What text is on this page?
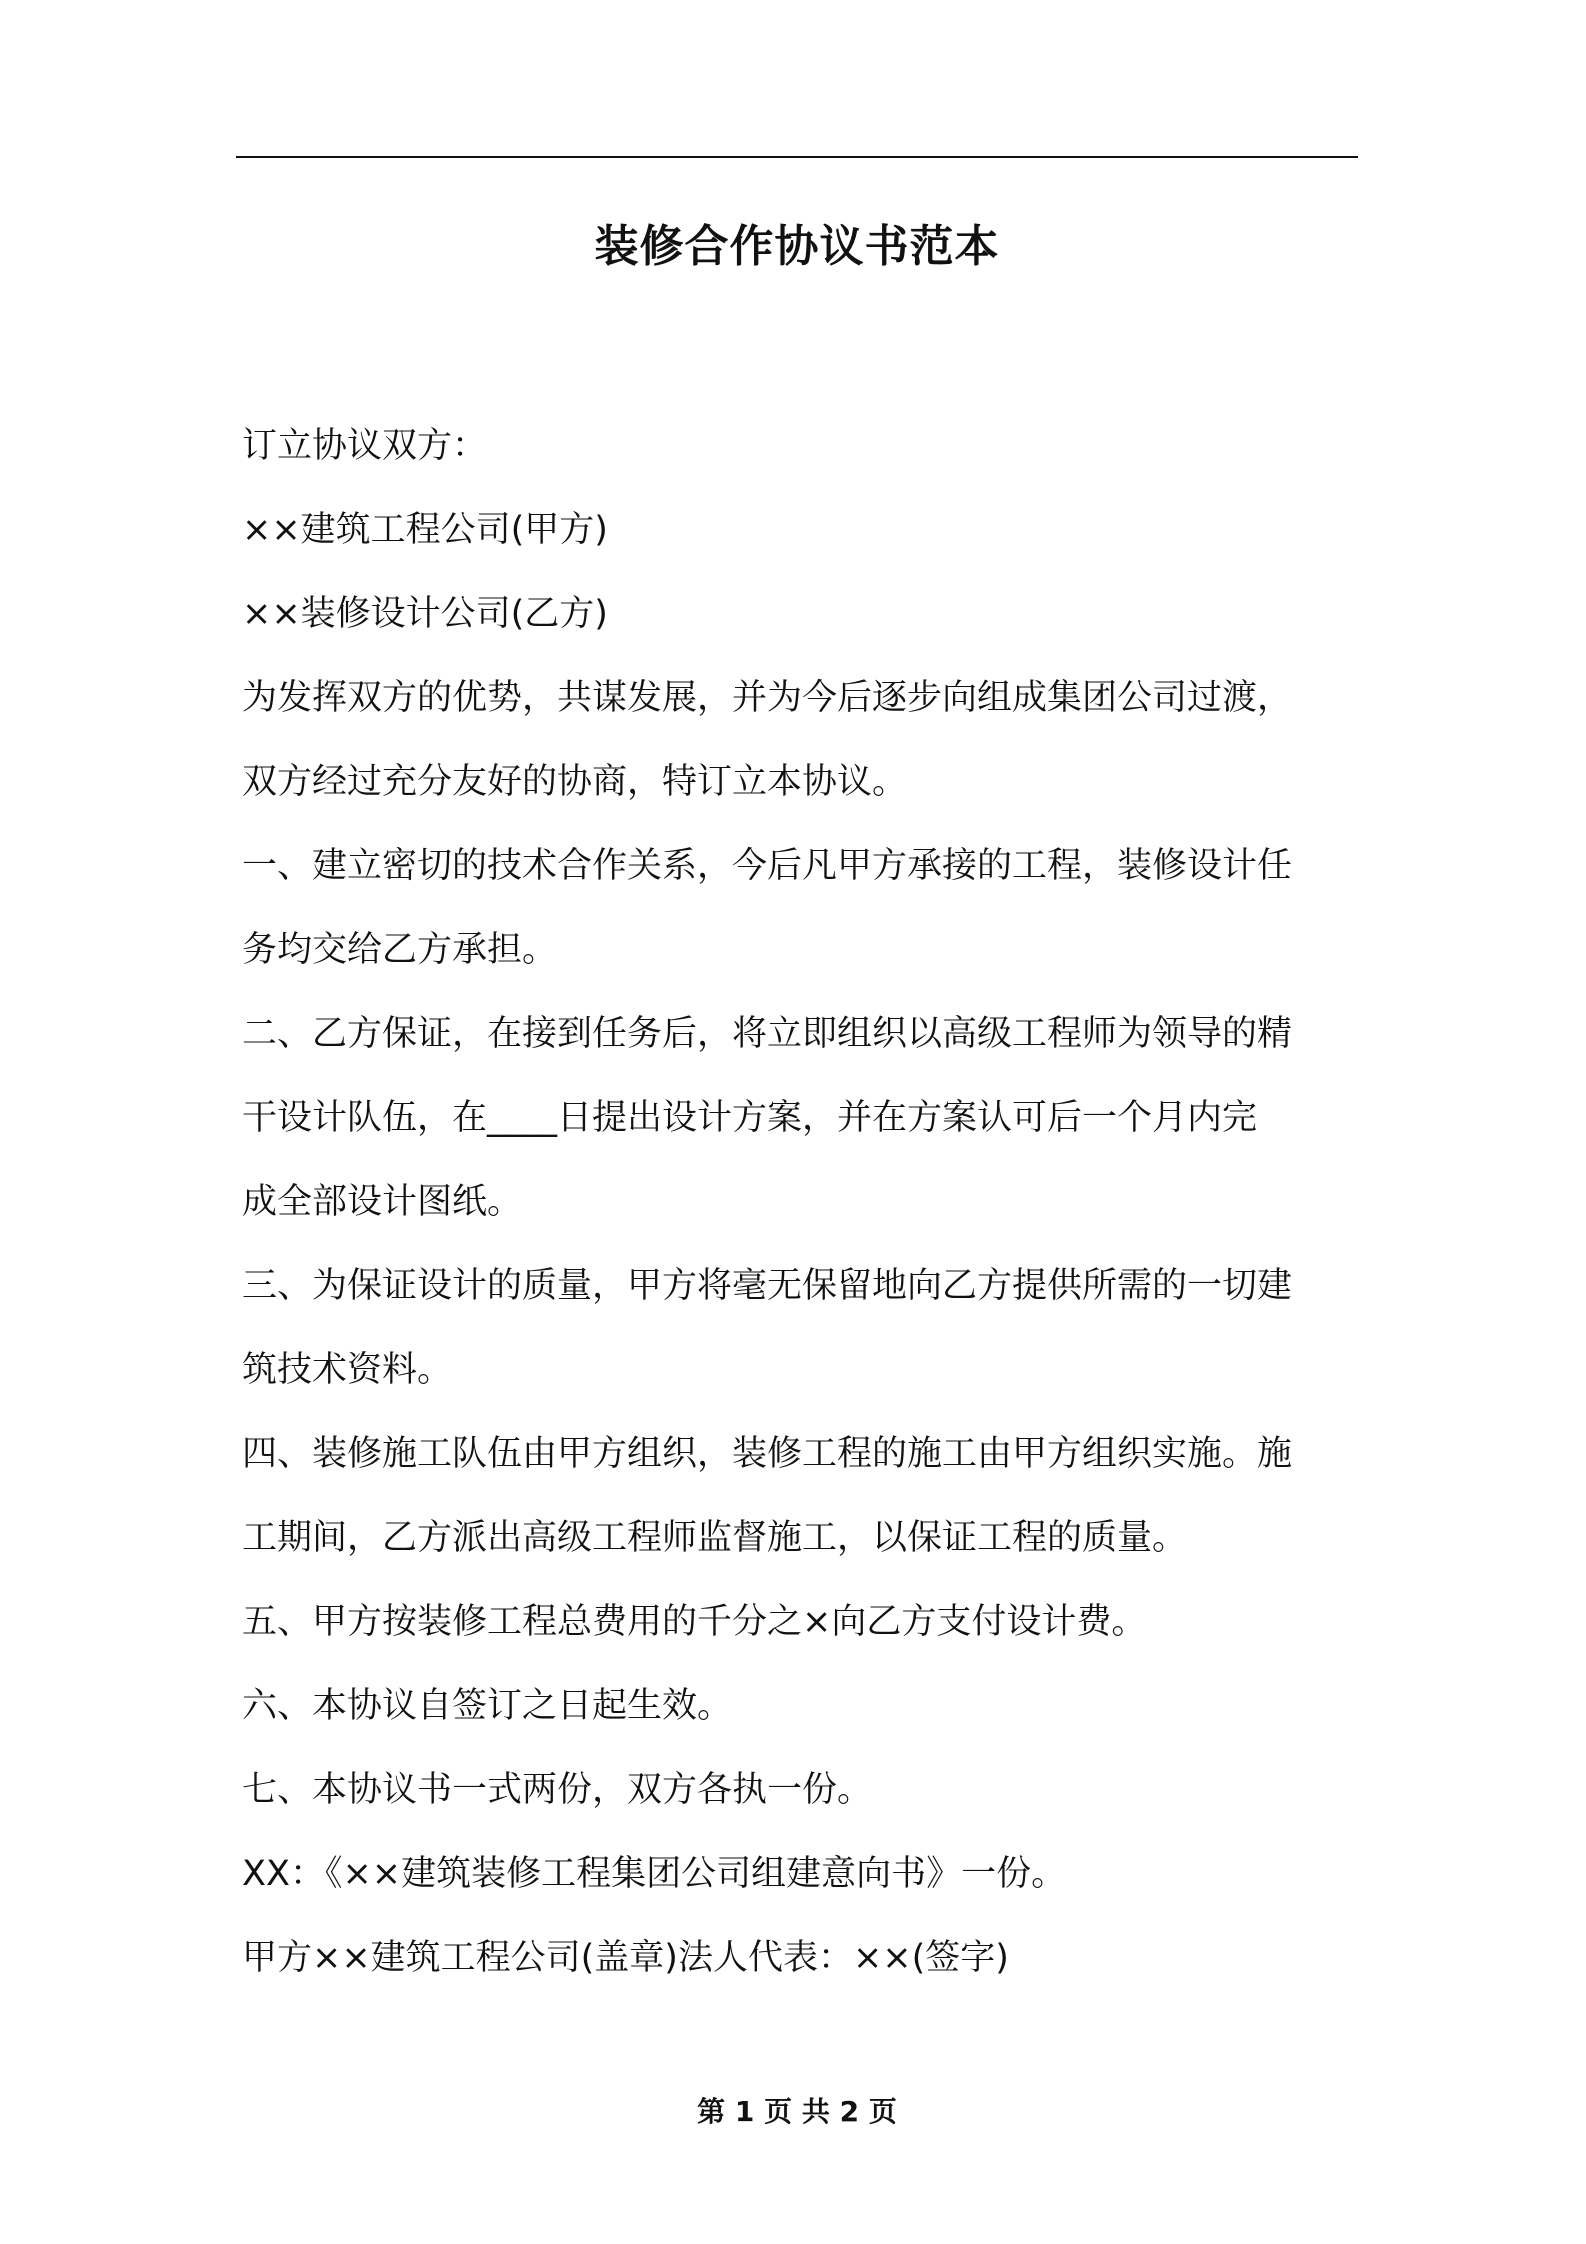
装修合作协议书范本

订立协议双方：

××建筑工程公司(甲方)

××装修设计公司(乙方)

为发挥双方的优势，共谋发展，并为今后逐步向组成集团公司过渡，

双方经过充分友好的协商，特订立本协议。

一、建立密切的技术合作关系，今后凡甲方承接的工程，装修设计任

务均交给乙方承担。

二、乙方保证，在接到任务后，将立即组织以高级工程师为领导的精

干设计队伍，在____日提出设计方案，并在方案认可后一个月内完

成全部设计图纸。

三、为保证设计的质量，甲方将毫无保留地向乙方提供所需的一切建

筑技术资料。

四、装修施工队伍由甲方组织，装修工程的施工由甲方组织实施。施

工期间，乙方派出高级工程师监督施工，以保证工程的质量。

五、甲方按装修工程总费用的千分之×向乙方支付设计费。

六、本协议自签订之日起生效。

七、本协议书一式两份，双方各执一份。

XX：《××建筑装修工程集团公司组建意向书》一份。

甲方××建筑工程公司(盖章)法人代表：××(签字)

第 1 页 共 2 页
